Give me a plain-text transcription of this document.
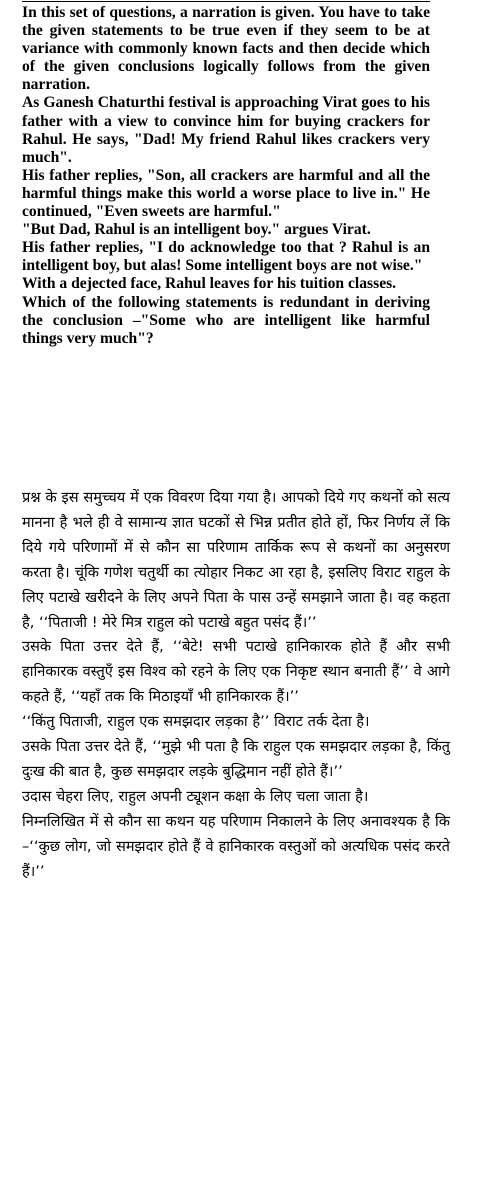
In this set of questions, a narration is given. You have to take the given statements to be true even if they seem to be at variance with commonly known facts and then decide which of the given conclusions logically follows from the given narration.

As Ganesh Chaturthi festival is approaching Virat goes to his father with a view to convince him for buying crackers for Rahul. He says, "Dad! My friend Rahul likes crackers very much".

His father replies, "Son, all crackers are harmful and all the harmful things make this world a worse place to live in." He continued, "Even sweets are harmful."

"But Dad, Rahul is an intelligent boy." argues Virat.

His father replies, "I do acknowledge too that ? Rahul is an intelligent boy, but alas! Some intelligent boys are not wise."

With a dejected face, Rahul leaves for his tuition classes.

Which of the following statements is redundant in deriving the conclusion –"Some who are intelligent like harmful things very much"?

प्रश्न के इस समुच्चय में एक विवरण दिया गया है। आपको दिये गए कथनों को सत्य मानना है भले ही वे सामान्य ज्ञात घटकों से भिन्न प्रतीत होते हों, फिर निर्णय लें कि दिये गये परिणामों में से कौन सा परिणाम तार्किक रूप से कथनों का अनुसरण करता है। चूंकि गणेश चतुर्थी का त्योहार निकट आ रहा है, इसलिए विराट राहुल के लिए पटाखे खरीदने के लिए अपने पिता के पास उन्हें समझाने जाता है। वह कहता है, ‘‘पिताजी ! मेरे मित्र राहुल को पटाखे बहुत पसंद हैं।’’

उसके पिता उत्तर देते हैं, ‘‘बेटे! सभी पटाखे हानिकारक होते हैं और सभी हानिकारक वस्तुएँ इस विश्व को रहने के लिए एक निकृष्ट स्थान बनाती हैं’’ वे आगे कहते हैं, ‘‘यहाँ तक कि मिठाइयाँ भी हानिकारक हैं।’’

‘‘किंतु पिताजी, राहुल एक समझदार लड़का है’’ विराट तर्क देता है।

उसके पिता उत्तर देते हैं, ‘‘मुझे भी पता है कि राहुल एक समझदार लड़का है, किंतु दुःख की बात है, कुछ समझदार लड़के बुद्धिमान नहीं होते हैं।’’

उदास चेहरा लिए, राहुल अपनी ट्यूशन कक्षा के लिए चला जाता है।

निम्नलिखित में से कौन सा कथन यह परिणाम निकालने के लिए अनावश्यक है कि –‘‘कुछ लोग, जो समझदार होते हैं वे हानिकारक वस्तुओं को अत्यधिक पसंद करते हैं।’’
